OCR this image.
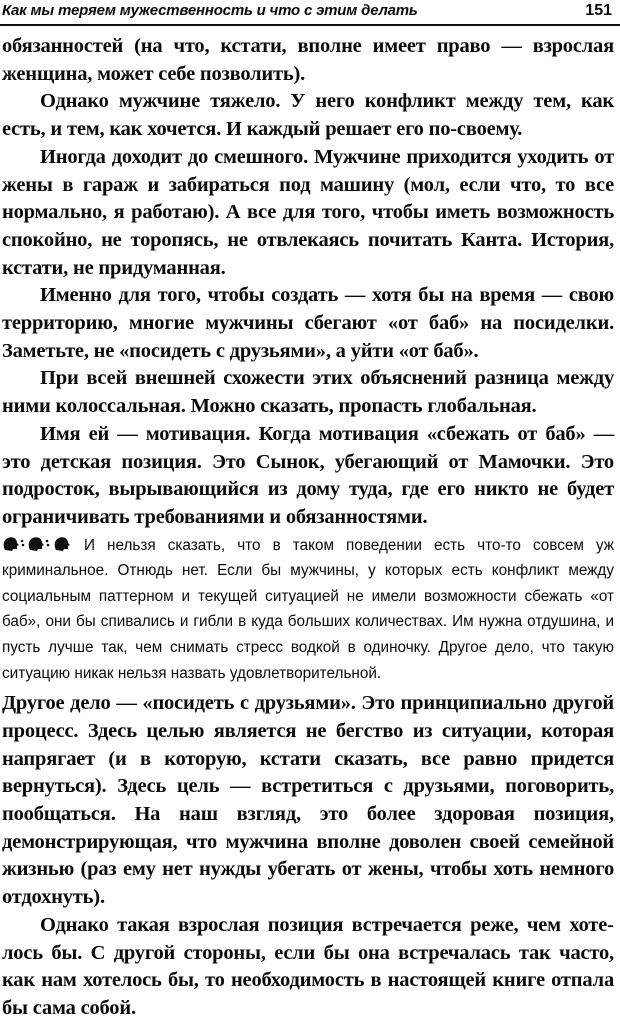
Как мы теряем мужественность и что с этим делать	151

обязанностей (на что, кстати, вполне имеет право — взрослая женщина, может себе позволить).

Однако мужчине тяжело. У него конфликт между тем, как есть, и тем, как хочется. И каждый решает его по-своему.

Иногда доходит до смешного. Мужчине приходится уходить от жены в гараж и забираться под машину (мол, если что, то все нормально, я работаю). А все для того, чтобы иметь возможность спокойно, не торопясь, не отвлекаясь почитать Канта. История, кстати, не придуманная.

Именно для того, чтобы создать — хотя бы на время — свою территорию, многие мужчины сбегают «от баб» на посиделки. Заметьте, не «посидеть с друзьями», а уйти «от баб».

При всей внешней схожести этих объяснений разница между ними колоссальная. Можно сказать, пропасть глобальная.

Имя ей — мотивация. Когда мотивация «сбежать от баб» — это детская позиция. Это Сынок, убегающий от Мамочки. Это подросток, вырывающийся из дому туда, где его никто не будет ограничивать требованиями и обязанностями.

И нельзя сказать, что в таком поведении есть что-то совсем уж криминальное. Отнюдь нет. Если бы мужчины, у которых есть конфликт между социальным паттерном и текущей ситуацией не имели возможности сбежать «от баб», они бы спивались и гибли в куда больших количествах. Им нужна отдушина, и пусть лучше так, чем снимать стресс водкой в одиночку. Другое дело, что такую ситуацию никак нельзя назвать удовлетворительной.

Другое дело — «посидеть с друзьями». Это принципиально другой процесс. Здесь целью является не бегство из ситуации, которая напрягает (и в которую, кстати сказать, все равно придется вернуться). Здесь цель — встретиться с друзьями, поговорить, пообщаться. На наш взгляд, это более здоровая позиция, демонстрирующая, что мужчина вполне доволен своей семейной жизнью (раз ему нет нужды убегать от жены, чтобы хоть немного отдохнуть).

Однако такая взрослая позиция встречается реже, чем хотелось бы. С другой стороны, если бы она встречалась так часто, как нам хотелось бы, то необходимость в настоящей книге отпала бы сама собой.
